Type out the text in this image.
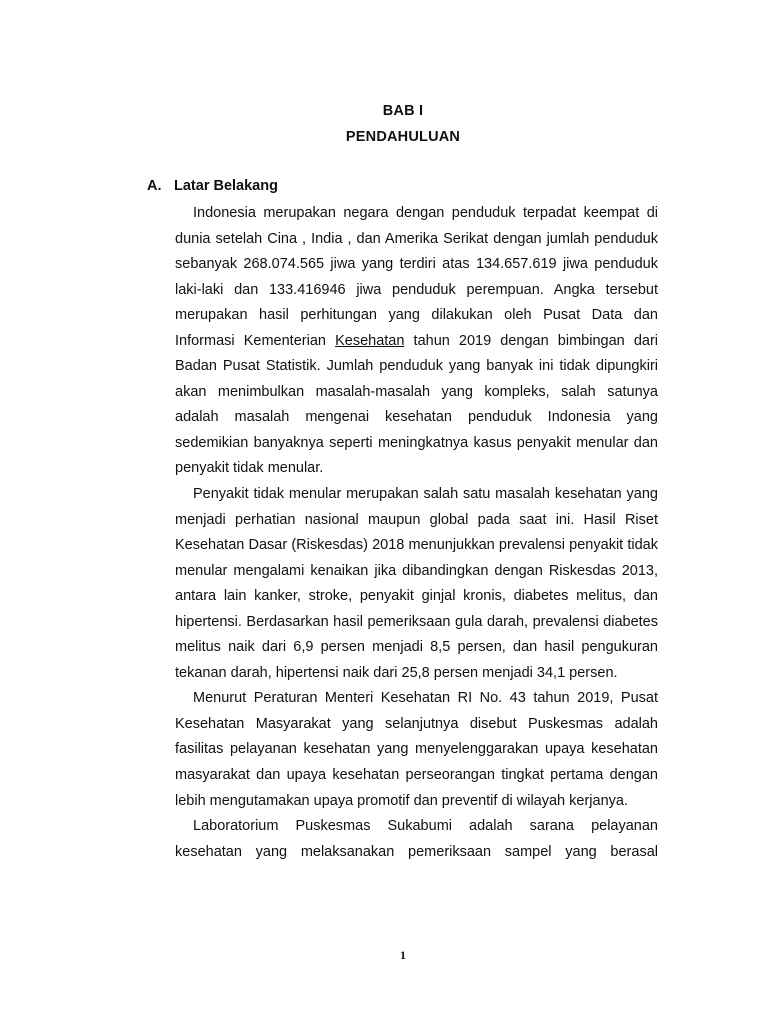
BAB I
PENDAHULUAN
A. Latar Belakang

Indonesia merupakan negara dengan penduduk terpadat keempat di dunia setelah Cina , India , dan Amerika Serikat dengan jumlah penduduk sebanyak 268.074.565 jiwa yang terdiri atas 134.657.619 jiwa penduduk laki-laki dan 133.416946 jiwa penduduk perempuan. Angka tersebut merupakan hasil perhitungan yang dilakukan oleh Pusat Data dan Informasi Kementerian Kesehatan tahun 2019 dengan bimbingan dari Badan Pusat Statistik. Jumlah penduduk yang banyak ini tidak dipungkiri akan menimbulkan masalah-masalah yang kompleks, salah satunya adalah masalah mengenai kesehatan penduduk Indonesia yang sedemikian banyaknya seperti meningkatnya kasus penyakit menular dan penyakit tidak menular.

Penyakit tidak menular merupakan salah satu masalah kesehatan yang menjadi perhatian nasional maupun global pada saat ini. Hasil Riset Kesehatan Dasar (Riskesdas) 2018 menunjukkan prevalensi penyakit tidak menular mengalami kenaikan jika dibandingkan dengan Riskesdas 2013, antara lain kanker, stroke, penyakit ginjal kronis, diabetes melitus, dan hipertensi. Berdasarkan hasil pemeriksaan gula darah, prevalensi diabetes melitus naik dari 6,9 persen menjadi 8,5 persen, dan hasil pengukuran tekanan darah, hipertensi naik dari 25,8 persen menjadi 34,1 persen.

Menurut Peraturan Menteri Kesehatan RI No. 43 tahun 2019, Pusat Kesehatan Masyarakat yang selanjutnya disebut Puskesmas adalah fasilitas pelayanan kesehatan yang menyelenggarakan upaya kesehatan masyarakat dan upaya kesehatan perseorangan tingkat pertama dengan lebih mengutamakan upaya promotif dan preventif di wilayah kerjanya.

Laboratorium Puskesmas Sukabumi adalah sarana pelayanan kesehatan yang melaksanakan pemeriksaan sampel yang berasal

1
